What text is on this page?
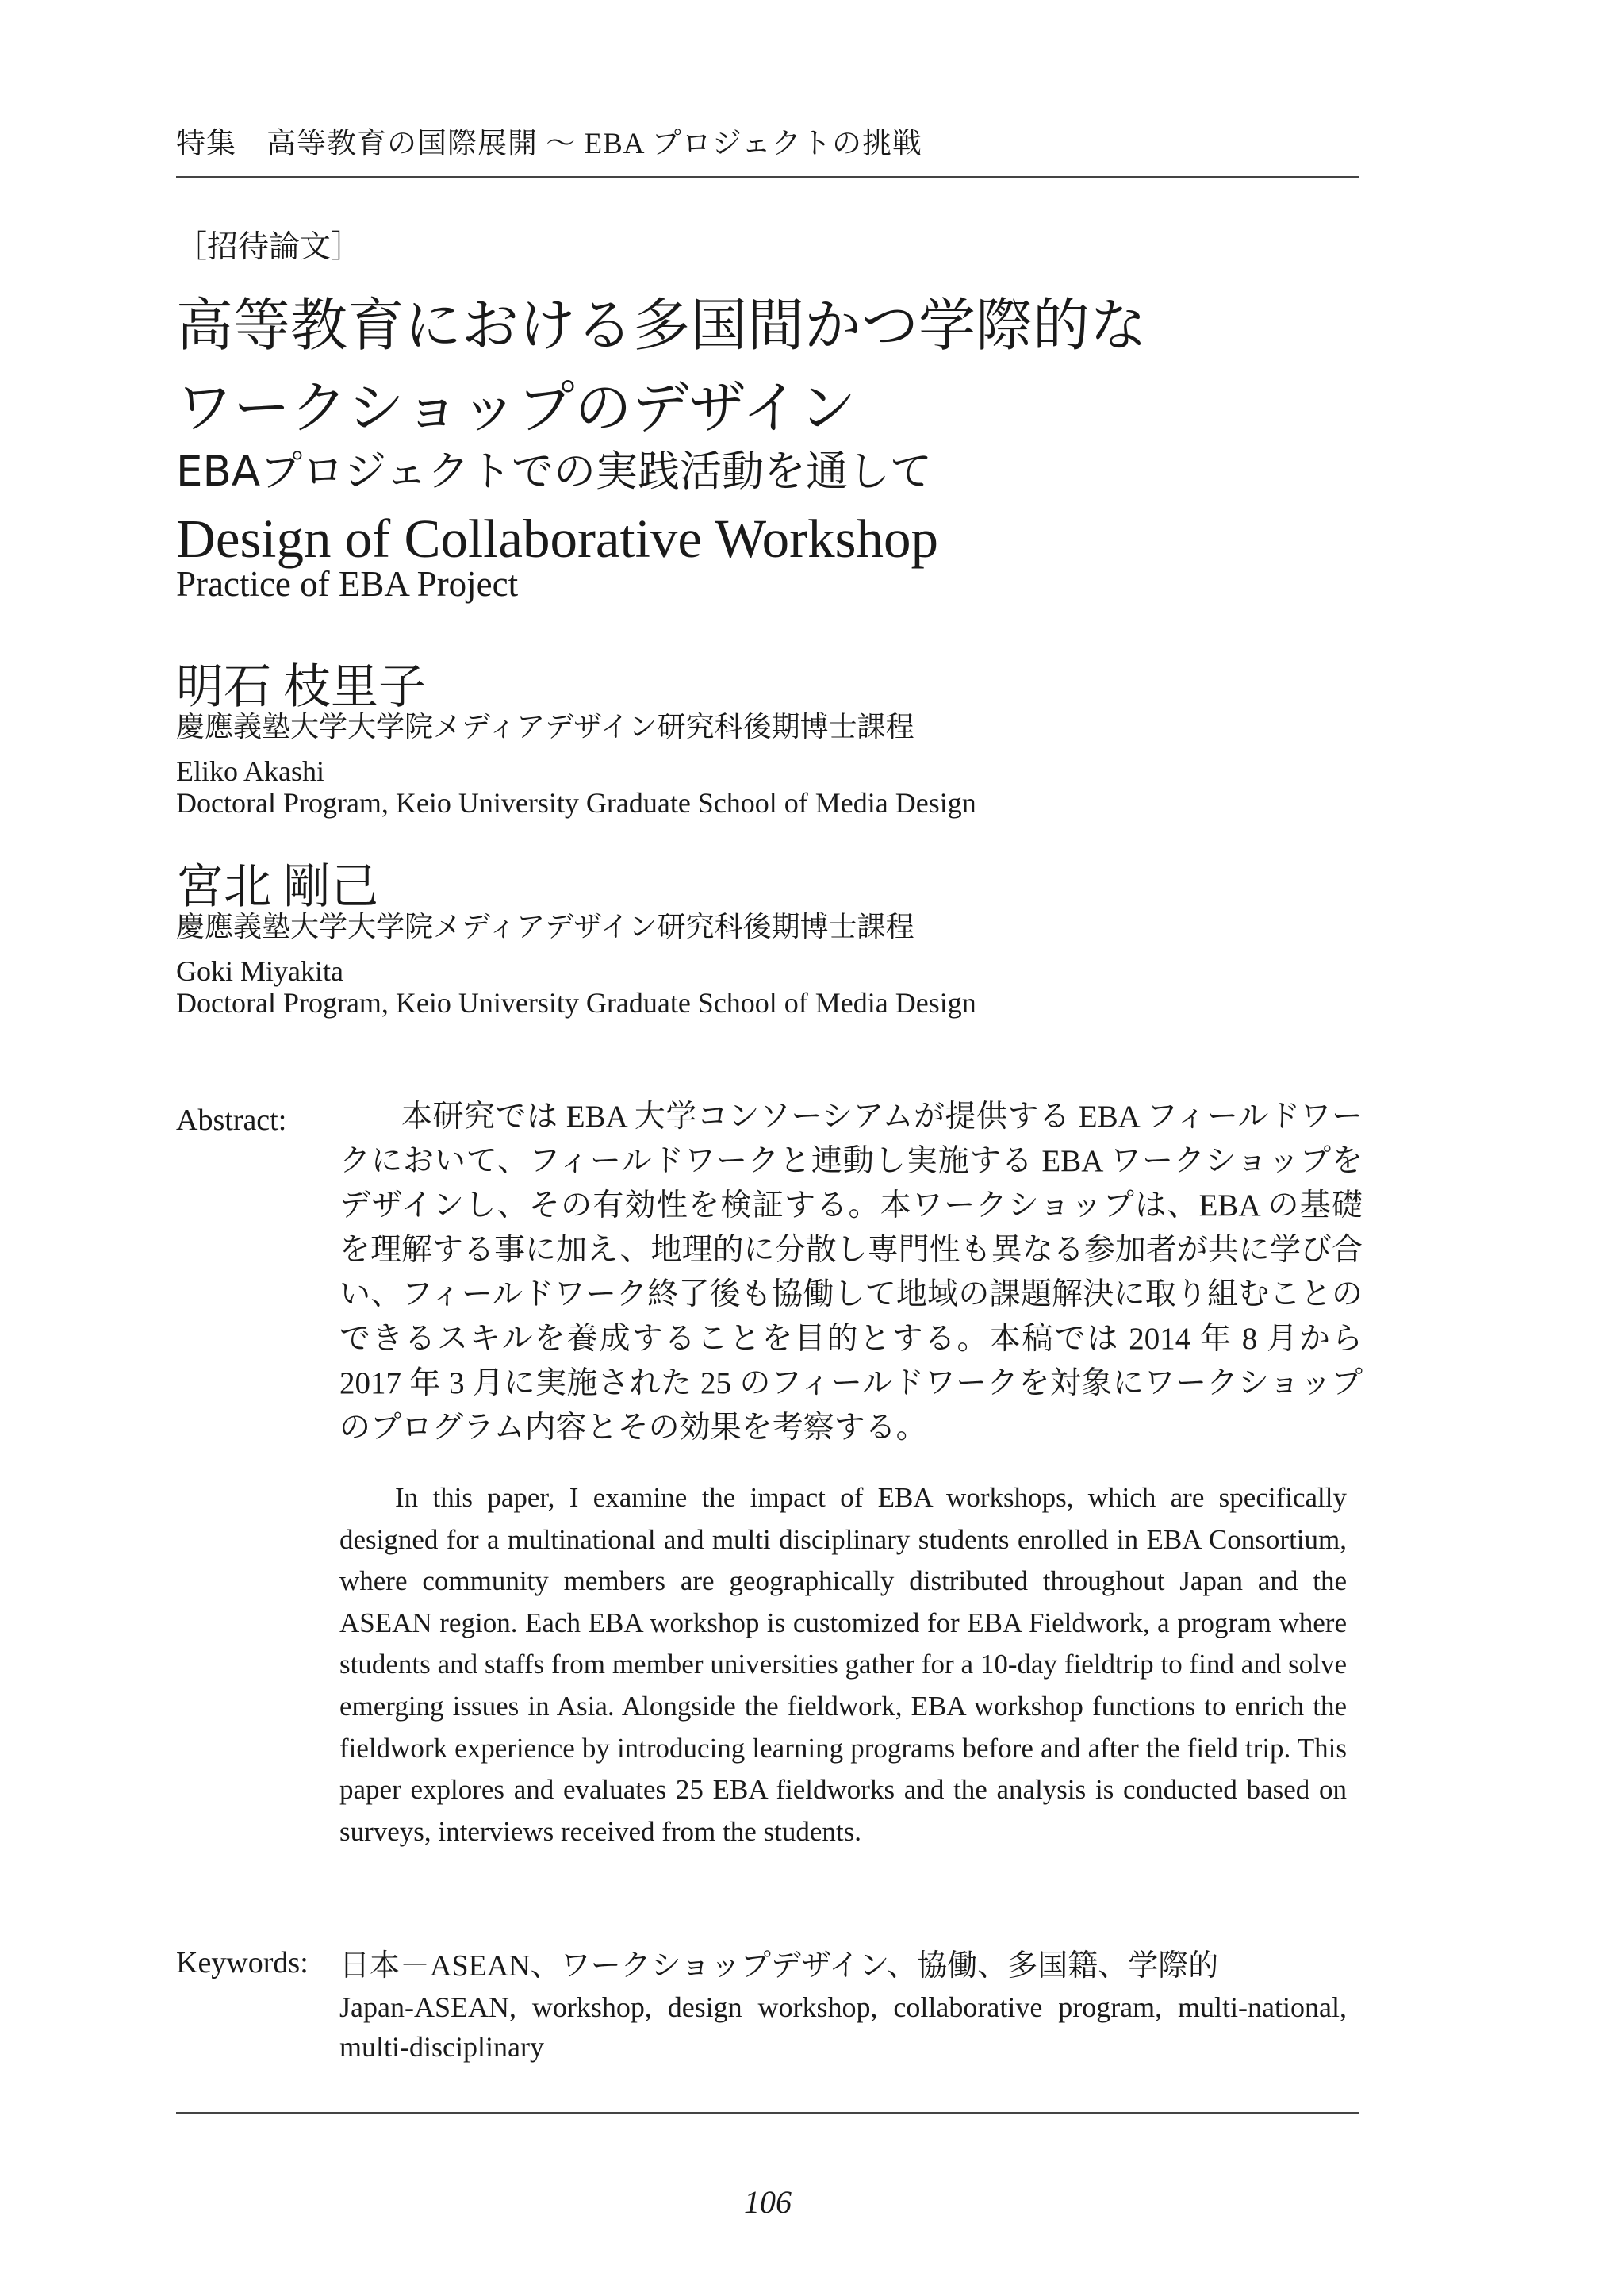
特集　高等教育の国際展開 〜 EBA プロジェクトの挑戦
［招待論文］
高等教育における多国間かつ学際的な
ワークショップのデザイン
EBAプロジェクトでの実践活動を通して
Design of Collaborative Workshop
Practice of EBA Project
明石 枝里子
慶應義塾大学大学院メディアデザイン研究科後期博士課程
Eliko Akashi
Doctoral Program, Keio University Graduate School of Media Design
宮北 剛己
慶應義塾大学大学院メディアデザイン研究科後期博士課程
Goki Miyakita
Doctoral Program, Keio University Graduate School of Media Design
Abstract:	本研究では EBA 大学コンソーシアムが提供する EBA フィールドワークにおいて、フィールドワークと連動し実施する EBA ワークショップをデザインし、その有効性を検証する。本ワークショップは、EBA の基礎を理解する事に加え、地理的に分散し専門性も異なる参加者が共に学び合い、フィールドワーク終了後も協働して地域の課題解決に取り組むことのできるスキルを養成することを目的とする。本稿では 2014 年 8 月から 2017 年 3 月に実施された 25 のフィールドワークを対象にワークショップのプログラム内容とその効果を考察する。
In this paper, I examine the impact of EBA workshops, which are specifically designed for a multinational and multi disciplinary students enrolled in EBA Consortium, where community members are geographically distributed throughout Japan and the ASEAN region. Each EBA workshop is customized for EBA Fieldwork, a program where students and staffs from member universities gather for a 10-day fieldtrip to find and solve emerging issues in Asia. Alongside the fieldwork, EBA workshop functions to enrich the fieldwork experience by introducing learning programs before and after the field trip. This paper explores and evaluates 25 EBA fieldworks and the analysis is conducted based on surveys, interviews received from the students.
Keywords: 日本－ASEAN、ワークショップデザイン、協働、多国籍、学際的
Japan-ASEAN, workshop, design workshop, collaborative program, multi-national, multi-disciplinary
106
